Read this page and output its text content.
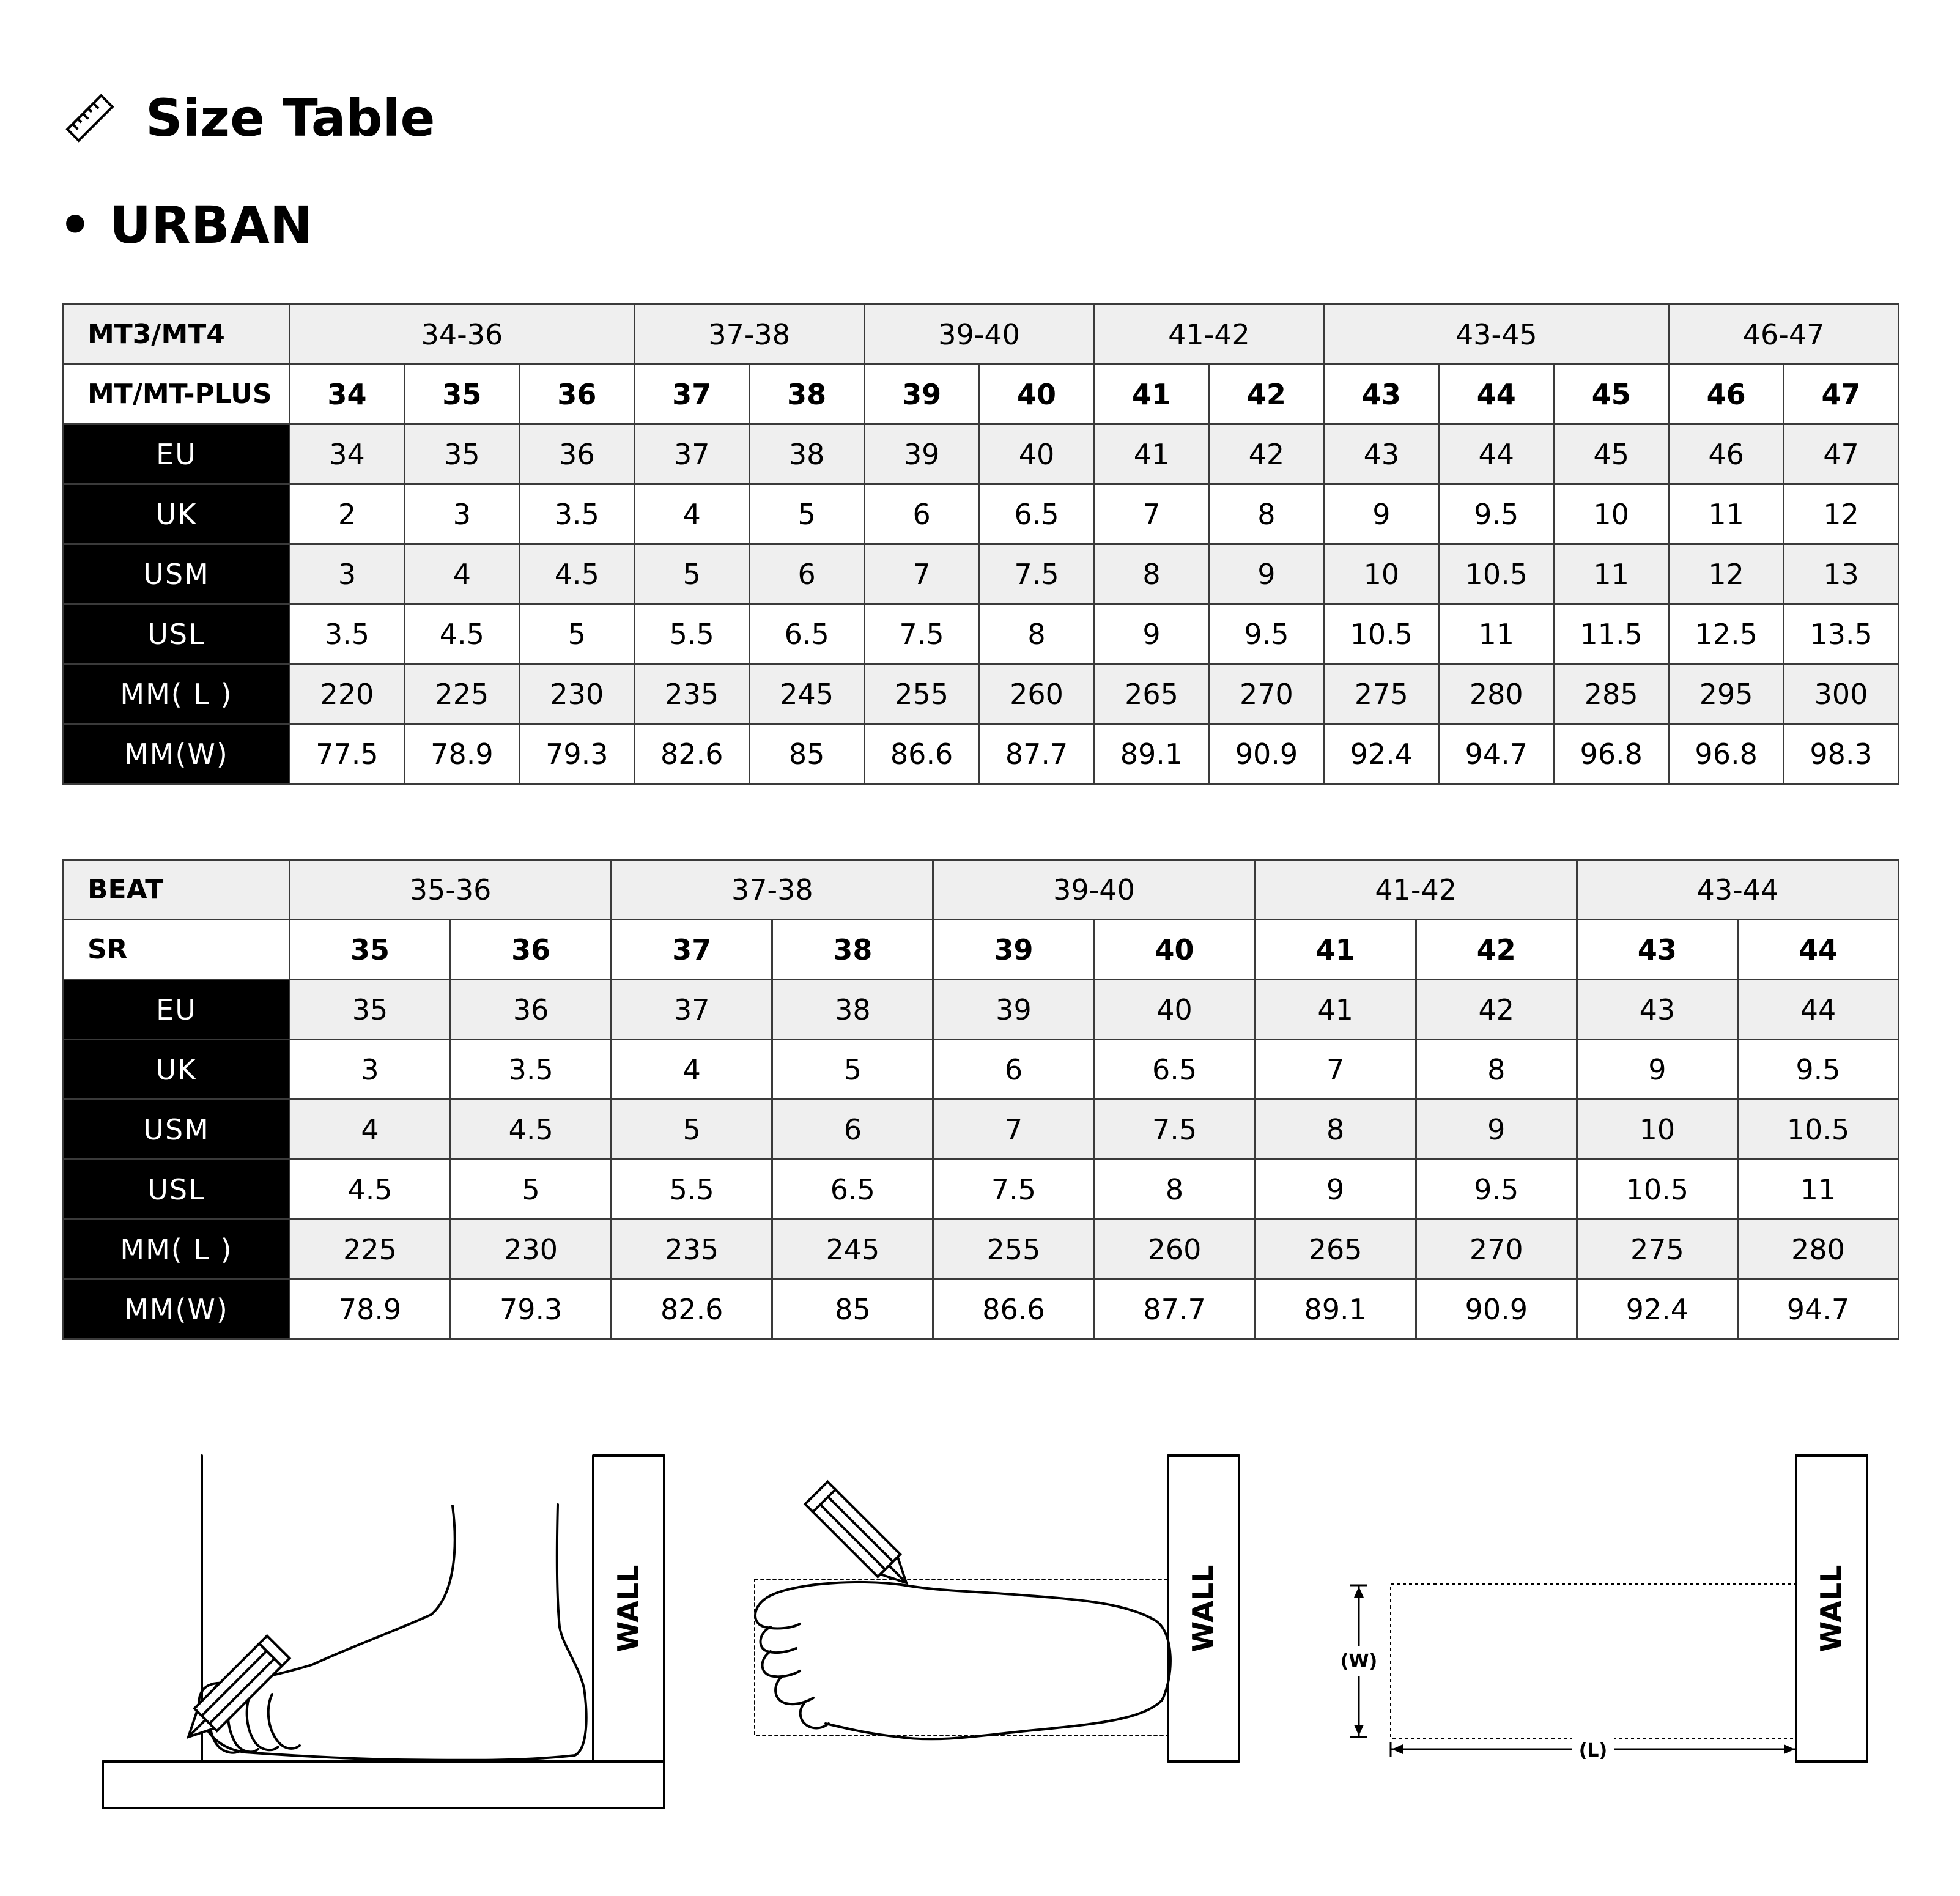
Size Table
• URBAN
MT3/MT4	34-36			37-38		39-40		41-42		43-45			46-47	
MT/MT-PLUS	34	35	36	37	38	39	40	41	42	43	44	45	46	47
EU	34	35	36	37	38	39	40	41	42	43	44	45	46	47
UK	2	3	3.5	4	5	6	6.5	7	8	9	9.5	10	11	12
USM	3	4	4.5	5	6	7	7.5	8	9	10	10.5	11	12	13
USL	3.5	4.5	5	5.5	6.5	7.5	8	9	9.5	10.5	11	11.5	12.5	13.5
MM( L )	220	225	230	235	245	255	260	265	270	275	280	285	295	300
MM(W)	77.5	78.9	79.3	82.6	85	86.6	87.7	89.1	90.9	92.4	94.7	96.8	96.8	98.3
BEAT	35-36		37-38		39-40		41-42		43-44	
SR	35	36	37	38	39	40	41	42	43	44
EU	35	36	37	38	39	40	41	42	43	44
UK	3	3.5	4	5	6	6.5	7	8	9	9.5
USM	4	4.5	5	6	7	7.5	8	9	10	10.5
USL	4.5	5	5.5	6.5	7.5	8	9	9.5	10.5	11
MM( L )	225	230	235	245	255	260	265	270	275	280
MM(W)	78.9	79.3	82.6	85	86.6	87.7	89.1	90.9	92.4	94.7
WALL	WALL
(W)
(L)
WALL
